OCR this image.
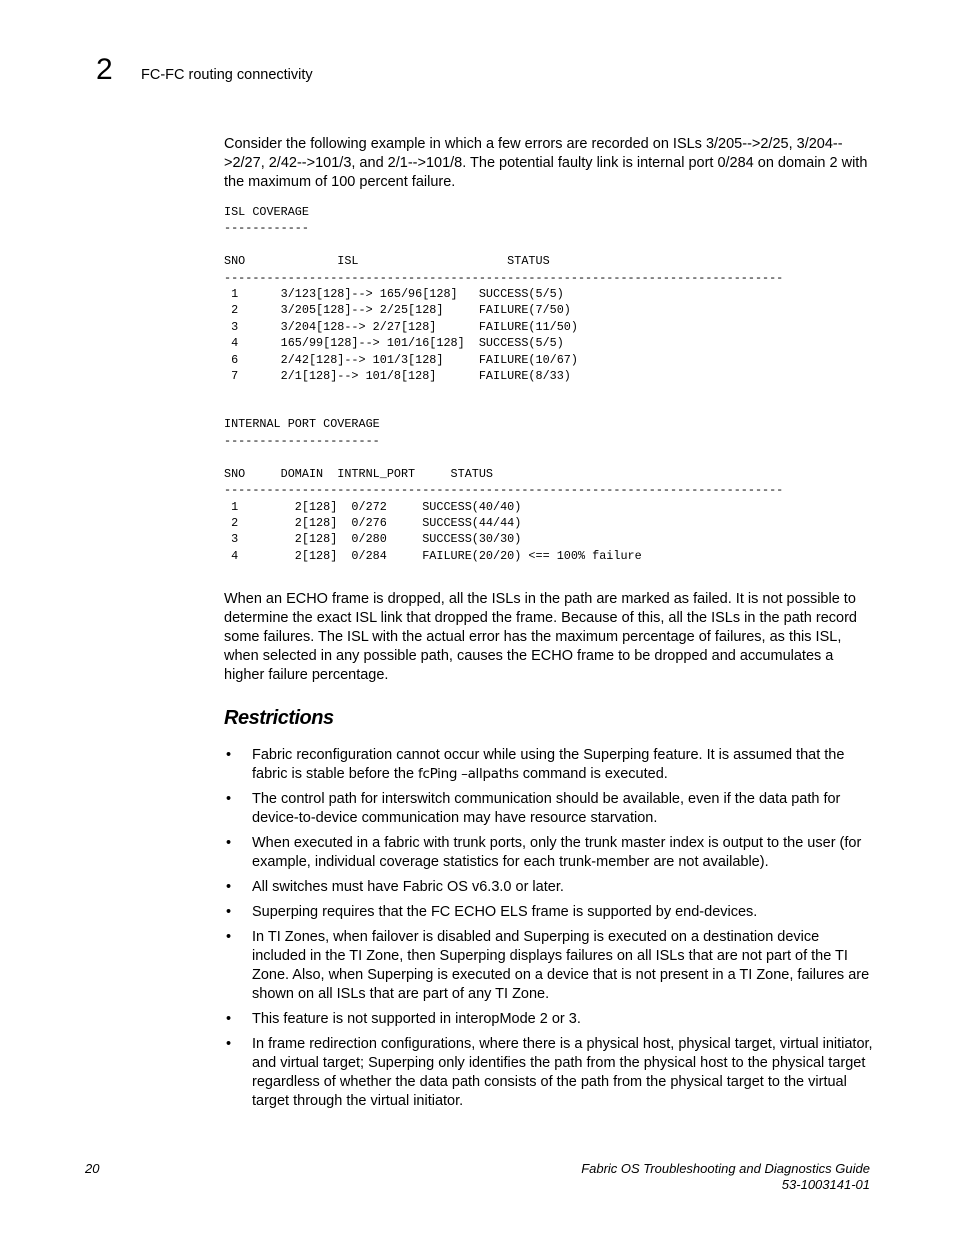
2 FC-FC routing connectivity

Consider the following example in which a few errors are recorded on ISLs 3/205-->2/25, 3/204-->2/27, 2/42-->101/3, and 2/1-->101/8. The potential faulty link is internal port 0/284 on domain 2 with the maximum of 100 percent failure.

ISL COVERAGE
------------

SNO             ISL                     STATUS
-------------------------------------------------------------------------------
1      3/123[128]--> 165/96[128]   SUCCESS(5/5)
2      3/205[128]--> 2/25[128]     FAILURE(7/50)
3      3/204[128--> 2/27[128]      FAILURE(11/50)
4      165/99[128]--> 101/16[128]  SUCCESS(5/5)
6      2/42[128]--> 101/3[128]     FAILURE(10/67)
7      2/1[128]--> 101/8[128]      FAILURE(8/33)
INTERNAL PORT COVERAGE
----------------------

SNO     DOMAIN  INTRNL_PORT     STATUS
-------------------------------------------------------------------------------
1        2[128]  0/272     SUCCESS(40/40)
2        2[128]  0/276     SUCCESS(44/44)
3        2[128]  0/280     SUCCESS(30/30)
4        2[128]  0/284     FAILURE(20/20) <== 100% failure

When an ECHO frame is dropped, all the ISLs in the path are marked as failed. It is not possible to determine the exact ISL link that dropped the frame. Because of this, all the ISLs in the path record some failures. The ISL with the actual error has the maximum percentage of failures, as this ISL, when selected in any possible path, causes the ECHO frame to be dropped and accumulates a higher failure percentage.

Restrictions
• Fabric reconfiguration cannot occur while using the Superping feature. It is assumed that the fabric is stable before the fcPing –allpaths command is executed.
• The control path for interswitch communication should be available, even if the data path for device-to-device communication may have resource starvation.
• When executed in a fabric with trunk ports, only the trunk master index is output to the user (for example, individual coverage statistics for each trunk-member are not available).
• All switches must have Fabric OS v6.3.0 or later.
• Superping requires that the FC ECHO ELS frame is supported by end-devices.
• In TI Zones, when failover is disabled and Superping is executed on a destination device included in the TI Zone, then Superping displays failures on all ISLs that are not part of the TI Zone. Also, when Superping is executed on a device that is not present in a TI Zone, failures are shown on all ISLs that are part of any TI Zone.
• This feature is not supported in interopMode 2 or 3.
• In frame redirection configurations, where there is a physical host, physical target, virtual initiator, and virtual target; Superping only identifies the path from the physical host to the physical target regardless of whether the data path consists of the path from the physical target to the virtual target through the virtual initiator.
20	Fabric OS Troubleshooting and Diagnostics Guide
53-1003141-01
